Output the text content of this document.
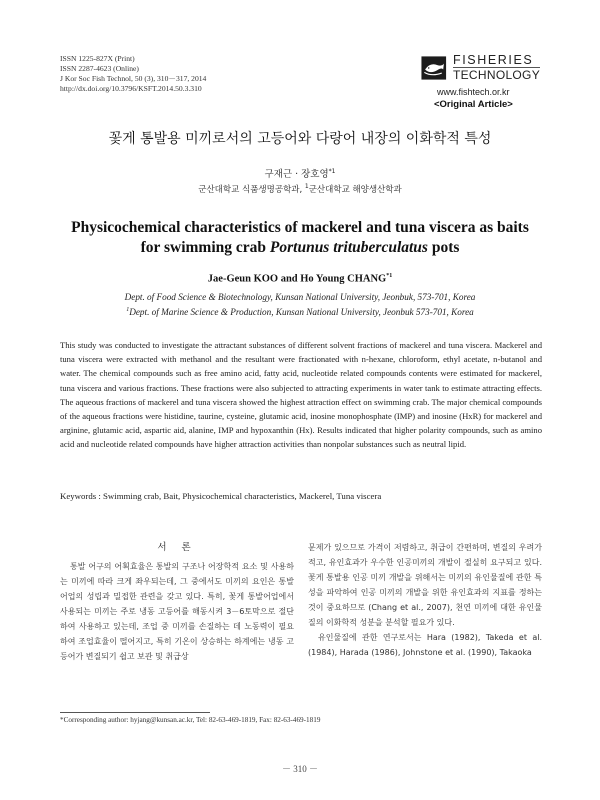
ISSN 1225-827X (Print)
ISSN 2287-4623 (Online)
J Kor Soc Fish Technol, 50 (3), 310－317, 2014
http://dx.doi.org/10.3796/KSFT.2014.50.3.310
FISHERIES
TECHNOLOGY
www.fishtech.or.kr
<Original Article>
꽃게 통발용 미끼로서의 고등어와 다랑어 내장의 이화학적 특성
구재근 · 장호영$^{*1}$
군산대학교 식품생명공학과, $^1$군산대학교 해양생산학과
Physicochemical characteristics of mackerel and tuna viscera as baits
for swimming crab Portunus trituberculatus pots
Jae-Geun KOO and Ho Young CHANG$^{*1}$
Dept. of Food Science & Biotechnology, Kunsan National University, Jeonbuk, 573-701, Korea
$^1$Dept. of Marine Science & Production, Kunsan National University, Jeonbuk 573-701, Korea
This study was conducted to investigate the attractant substances of different solvent fractions of mackerel and tuna viscera. Mackerel and tuna viscera were extracted with methanol and the resultant were fractionated with n-hexane, chloroform, ethyl acetate, n-butanol and water. The chemical compounds such as free amino acid, fatty acid, nucleotide related compounds contents were estimated for mackerel, tuna viscera and various fractions. These fractions were also subjected to attracting experiments in water tank to estimate attracting effects. The aqueous fractions of mackerel and tuna viscera showed the highest attraction effect on swimming crab. The major chemical compounds of the aqueous fractions were histidine, taurine, cysteine, glutamic acid, inosine monophosphate (IMP) and inosine (HxR) for mackerel and arginine, glutamic acid, aspartic aid, alanine, IMP and hypoxanthin (Hx). Results indicated that higher polarity compounds, such as amino acid and nucleotide related compounds have higher attraction activities than nonpolar substances such as neutral lipid.
Keywords : Swimming crab, Bait, Physicochemical characteristics, Mackerel, Tuna viscera
서 론

통발 어구의 어획효율은 통발의 구조나 어장학적 요소 및 사용하는 미끼에 따라 크게 좌우되는데, 그 중에서도 미끼의 요인은 통발 어업의 성립과 밀접한 관련을 갖고 있다. 특히, 꽃게 통발어업에서 사용되는 미끼는 주로 냉동 고등어를 해동시켜 3－6토막으로 절단하여 사용하고 있는데, 조업 중 미끼를 손질하는 데 노동력이 필요하여 조업효율이 떨어지고, 특히 기온이 상승하는 하계에는 냉동 고등어가 변질되기 쉽고 보관 및 취급상

문제가 있으므로 가격이 저렴하고, 취급이 간편하며, 변질의 우려가 적고, 유인효과가 우수한 인공미끼의 개발이 절실히 요구되고 있다. 꽃게 통발용 인공 미끼 개발을 위해서는 미끼의 유인물질에 관한 특성을 파악하여 인공 미끼의 개발을 위한 유인효과의 지표를 정하는 것이 중요하므로 (Chang et al., 2007), 천연 미끼에 대한 유인물질의 이화학적 성분을 분석할 필요가 있다.

유인물질에 관한 연구로서는 Hara (1982), Takeda et al. (1984), Harada (1986), Johnstone et al. (1990), Takaoka

*Corresponding author: hyjang@kunsan.ac.kr, Tel: 82-63-469-1819, Fax: 82-63-469-1819
－ 310 －
